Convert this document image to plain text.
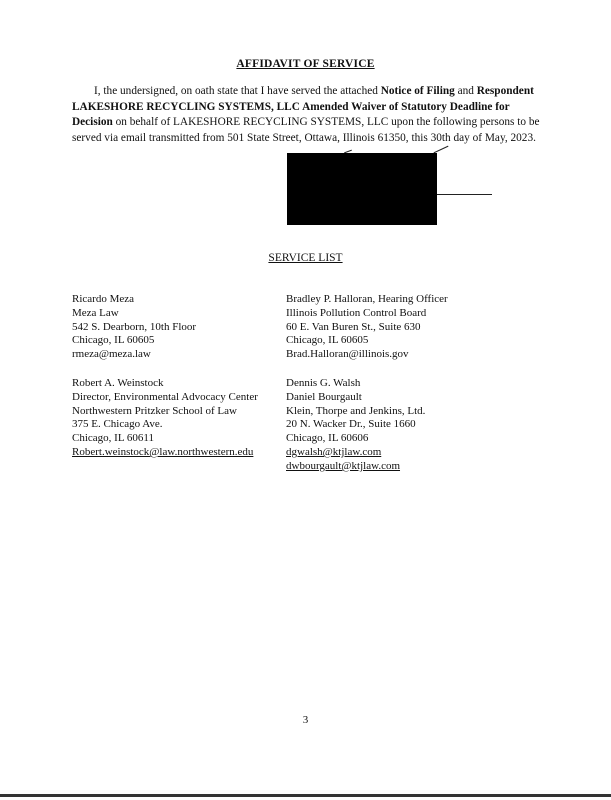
AFFIDAVIT OF SERVICE

I, the undersigned, on oath state that I have served the attached Notice of Filing and Respondent LAKESHORE RECYCLING SYSTEMS, LLC Amended Waiver of Statutory Deadline for Decision on behalf of LAKESHORE RECYCLING SYSTEMS, LLC upon the following persons to be served via email transmitted from 501 State Street, Ottawa, Illinois 61350, this 30th day of May, 2023.

SERVICE LIST
Ricardo Meza
Meza Law
542 S. Dearborn, 10th Floor
Chicago, IL 60605
rmeza@meza.law
Bradley P. Halloran, Hearing Officer
Illinois Pollution Control Board
60 E. Van Buren St., Suite 630
Chicago, IL 60605
Brad.Halloran@illinois.gov
Robert A. Weinstock
Director, Environmental Advocacy Center
Northwestern Pritzker School of Law
375 E. Chicago Ave.
Chicago, IL 60611
Robert.weinstock@law.northwestern.edu
Dennis G. Walsh
Daniel Bourgault
Klein, Thorpe and Jenkins, Ltd.
20 N. Wacker Dr., Suite 1660
Chicago, IL 60606
dgwalsh@ktjlaw.com
dwbourgault@ktjlaw.com
3
